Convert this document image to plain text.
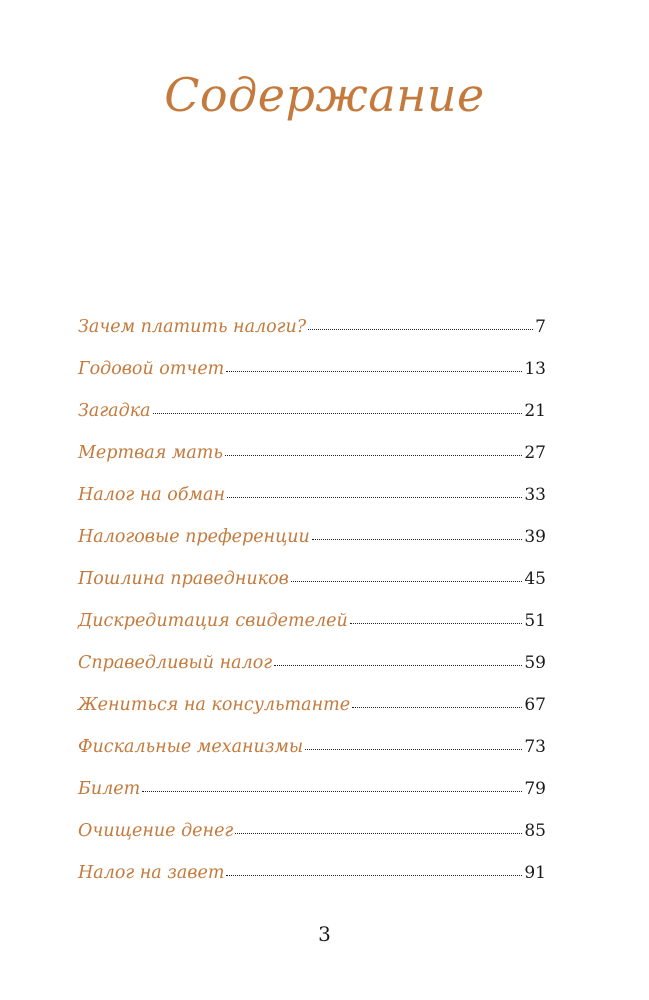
Содержание
Зачем платить налоги?	7
Годовой отчет	13
Загадка	21
Мертвая мать	27
Налог на обман	33
Налоговые преференции	39
Пошлина праведников	45
Дискредитация свидетелей	51
Справедливый налог	59
Жениться на консультанте	67
Фискальные механизмы	73
Билет	79
Очищение денег	85
Налог на завет	91
3
